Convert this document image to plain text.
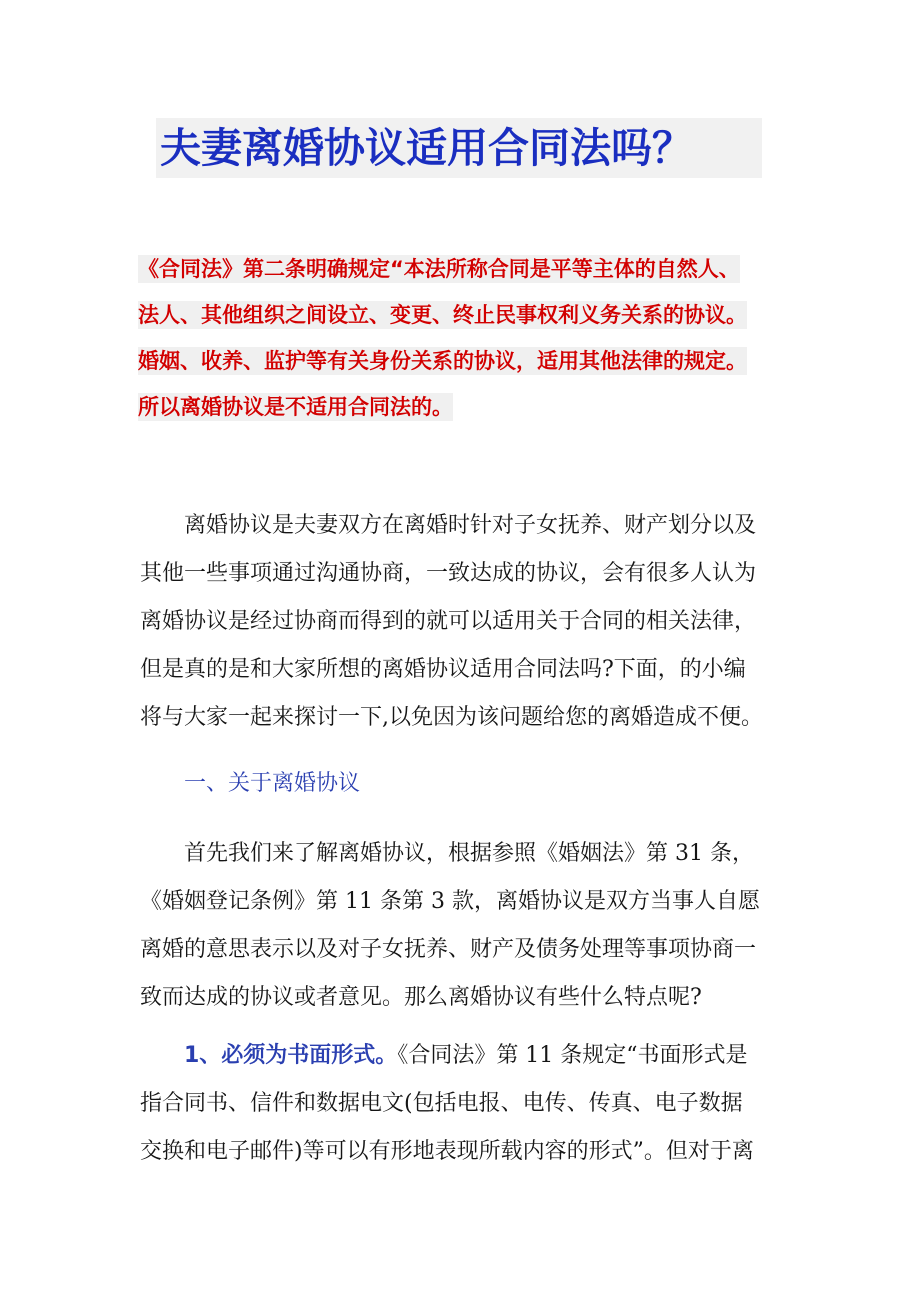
夫妻离婚协议适用合同法吗？
《合同法》第二条明确规定“本法所称合同是平等主体的自然人、
法人、其他组织之间设立、变更、终止民事权利义务关系的协议。
婚姻、收养、监护等有关身份关系的协议，适用其他法律的规定。
所以离婚协议是不适用合同法的。
离婚协议是夫妻双方在离婚时针对子女抚养、财产划分以及
其他一些事项通过沟通协商，一致达成的协议，会有很多人认为
离婚协议是经过协商而得到的就可以适用关于合同的相关法律，
但是真的是和大家所想的离婚协议适用合同法吗?下面，的小编
将与大家一起来探讨一下,以免因为该问题给您的离婚造成不便。
一、关于离婚协议
首先我们来了解离婚协议，根据参照《婚姻法》第 31 条，
《婚姻登记条例》第 11 条第 3 款，离婚协议是双方当事人自愿
离婚的意思表示以及对子女抚养、财产及债务处理等事项协商一
致而达成的协议或者意见。那么离婚协议有些什么特点呢?
1、必须为书面形式。《合同法》第 11 条规定“书面形式是
指合同书、信件和数据电文(包括电报、电传、传真、电子数据
交换和电子邮件)等可以有形地表现所载内容的形式”。但对于离
